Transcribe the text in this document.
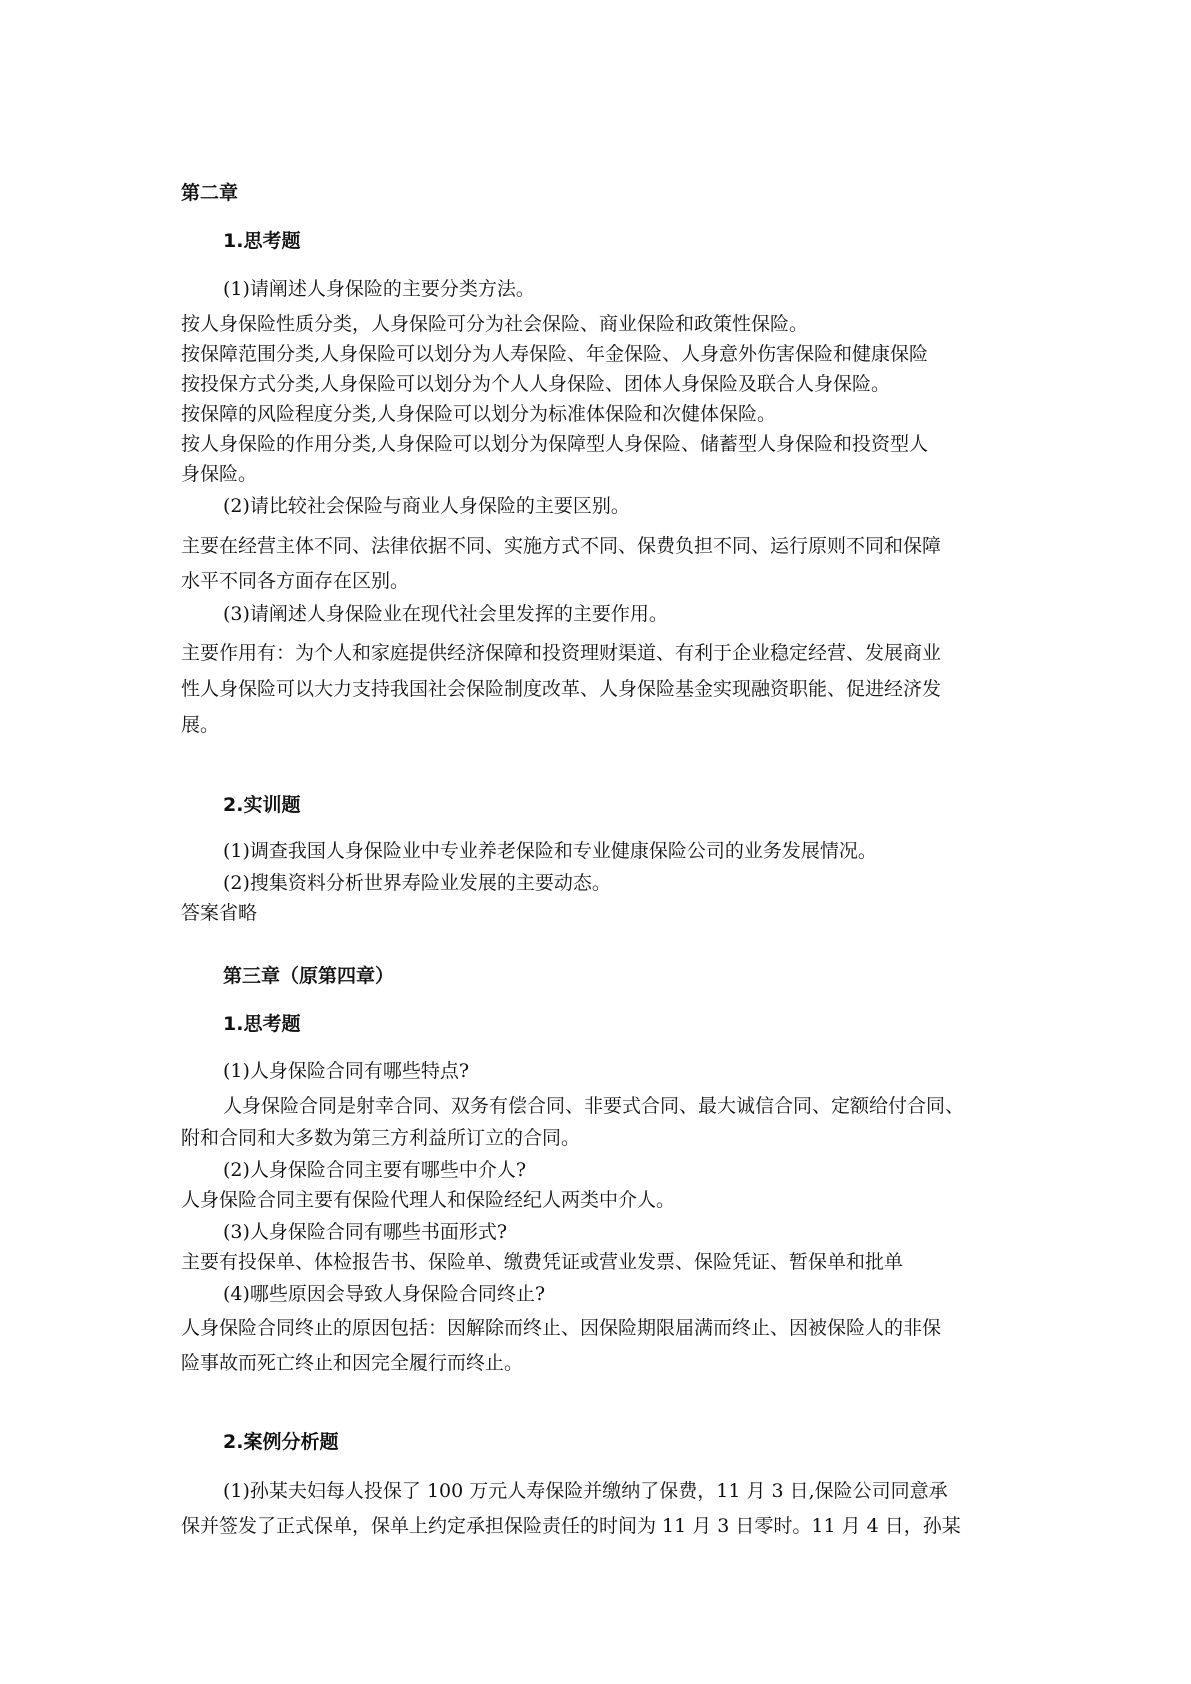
第二章
1.思考题
(1)请阐述人身保险的主要分类方法。
按人身保险性质分类，人身保险可分为社会保险、商业保险和政策性保险。
按保障范围分类,人身保险可以划分为人寿保险、年金保险、人身意外伤害保险和健康保险
按投保方式分类,人身保险可以划分为个人人身保险、团体人身保险及联合人身保险。
按保障的风险程度分类,人身保险可以划分为标准体保险和次健体保险。
按人身保险的作用分类,人身保险可以划分为保障型人身保险、储蓄型人身保险和投资型人
身保险。
(2)请比较社会保险与商业人身保险的主要区别。
主要在经营主体不同、法律依据不同、实施方式不同、保费负担不同、运行原则不同和保障
水平不同各方面存在区别。
(3)请阐述人身保险业在现代社会里发挥的主要作用。
主要作用有：为个人和家庭提供经济保障和投资理财渠道、有利于企业稳定经营、发展商业
性人身保险可以大力支持我国社会保险制度改革、人身保险基金实现融资职能、促进经济发
展。
2.实训题
(1)调查我国人身保险业中专业养老保险和专业健康保险公司的业务发展情况。
(2)搜集资料分析世界寿险业发展的主要动态。
答案省略
第三章（原第四章）
1.思考题
(1)人身保险合同有哪些特点?
人身保险合同是射幸合同、双务有偿合同、非要式合同、最大诚信合同、定额给付合同、
附和合同和大多数为第三方利益所订立的合同。
(2)人身保险合同主要有哪些中介人?
人身保险合同主要有保险代理人和保险经纪人两类中介人。
(3)人身保险合同有哪些书面形式?
主要有投保单、体检报告书、保险单、缴费凭证或营业发票、保险凭证、暂保单和批单
(4)哪些原因会导致人身保险合同终止?
人身保险合同终止的原因包括：因解除而终止、因保险期限届满而终止、因被保险人的非保
险事故而死亡终止和因完全履行而终止。
2.案例分析题
(1)孙某夫妇每人投保了 100 万元人寿保险并缴纳了保费，11 月 3 日,保险公司同意承
保并签发了正式保单，保单上约定承担保险责任的时间为 11 月 3 日零时。11 月 4 日，孙某
